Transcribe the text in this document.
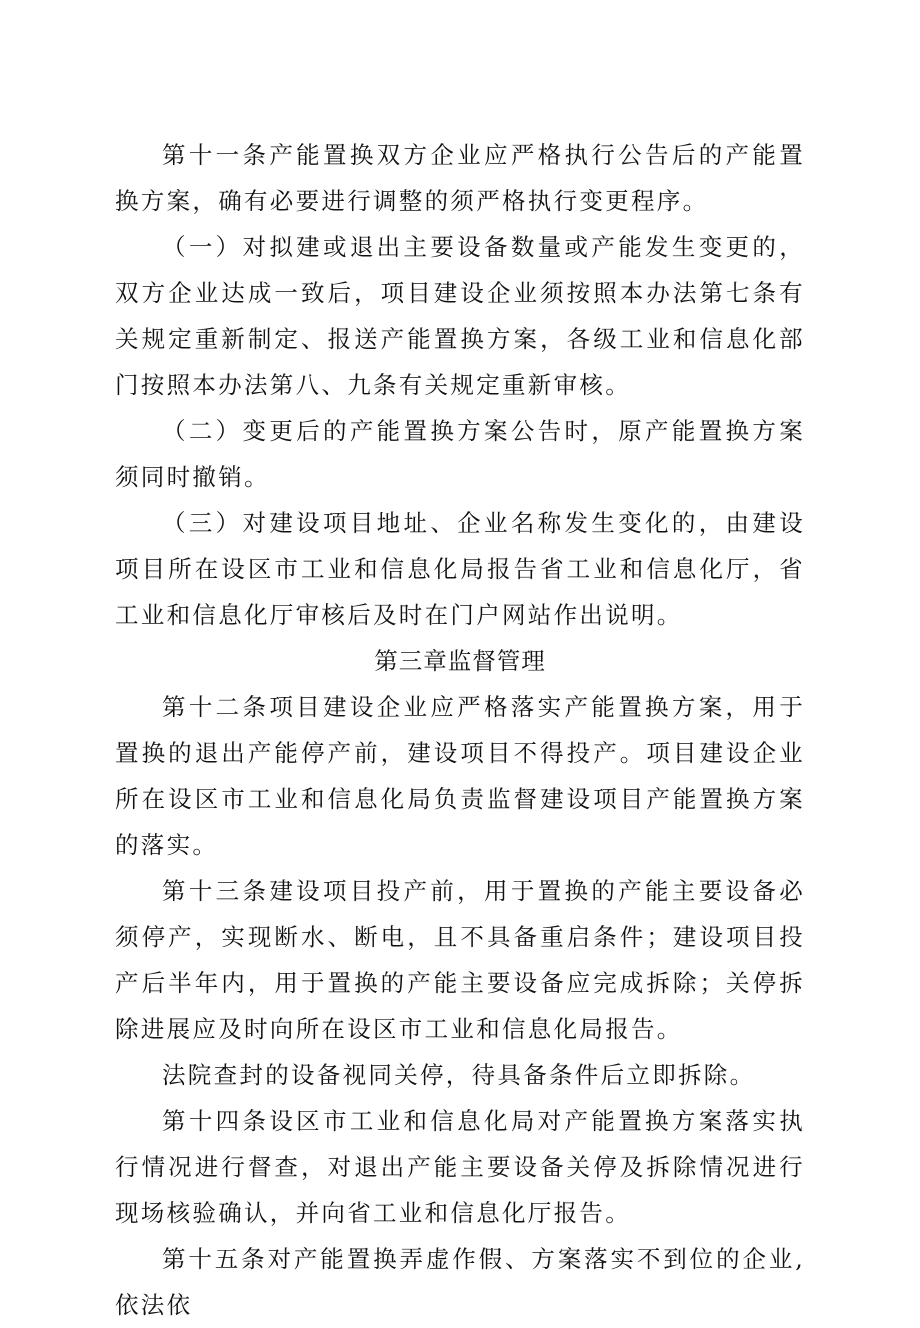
第十一条产能置换双方企业应严格执行公告后的产能置换方案，确有必要进行调整的须严格执行变更程序。

（一）对拟建或退出主要设备数量或产能发生变更的，双方企业达成一致后，项目建设企业须按照本办法第七条有关规定重新制定、报送产能置换方案，各级工业和信息化部门按照本办法第八、九条有关规定重新审核。

（二）变更后的产能置换方案公告时，原产能置换方案须同时撤销。

（三）对建设项目地址、企业名称发生变化的，由建设项目所在设区市工业和信息化局报告省工业和信息化厅，省工业和信息化厅审核后及时在门户网站作出说明。

第三章监督管理

第十二条项目建设企业应严格落实产能置换方案，用于置换的退出产能停产前，建设项目不得投产。项目建设企业所在设区市工业和信息化局负责监督建设项目产能置换方案的落实。

第十三条建设项目投产前，用于置换的产能主要设备必须停产，实现断水、断电，且不具备重启条件；建设项目投产后半年内，用于置换的产能主要设备应完成拆除；关停拆除进展应及时向所在设区市工业和信息化局报告。

法院查封的设备视同关停，待具备条件后立即拆除。

第十四条设区市工业和信息化局对产能置换方案落实执行情况进行督查，对退出产能主要设备关停及拆除情况进行现场核验确认，并向省工业和信息化厅报告。

第十五条对产能置换弄虚作假、方案落实不到位的企业,依法依
